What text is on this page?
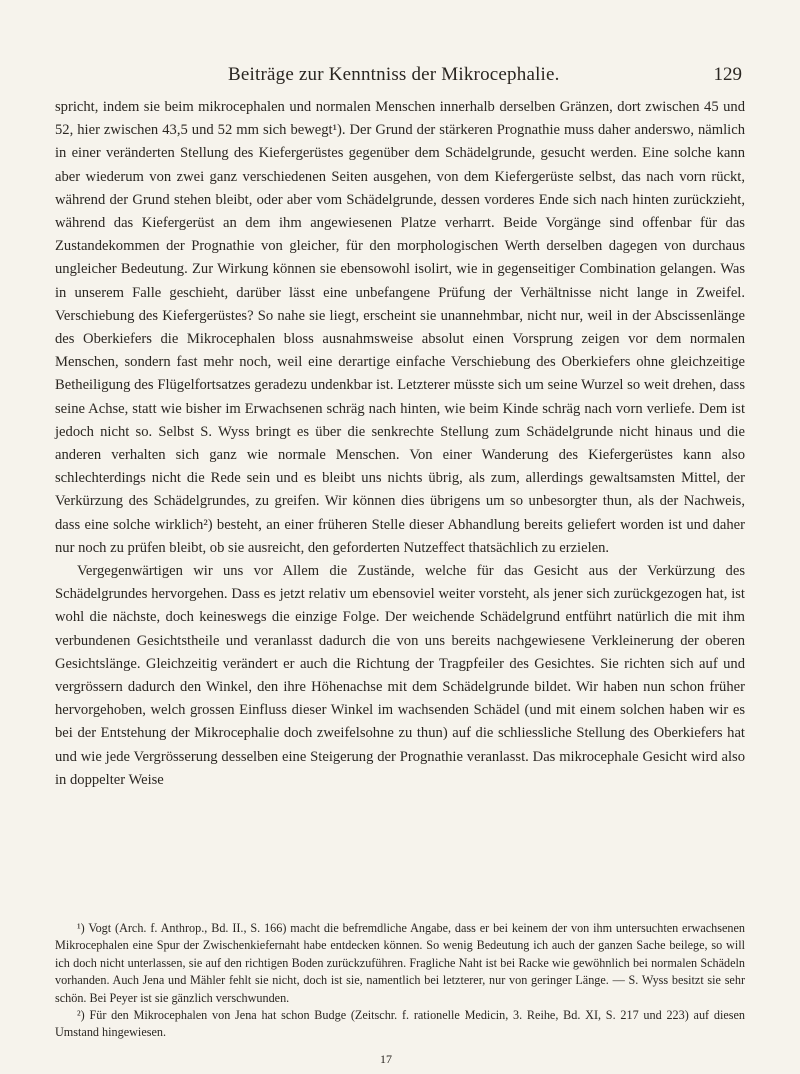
Beiträge zur Kenntniss der Mikrocephalie.	129

spricht, indem sie beim mikrocephalen und normalen Menschen innerhalb derselben Gränzen, dort zwischen 45 und 52, hier zwischen 43,5 und 52 mm sich bewegt¹). Der Grund der stärkeren Prognathie muss daher anderswo, nämlich in einer veränderten Stellung des Kiefergerüstes gegenüber dem Schädelgrunde, gesucht werden. Eine solche kann aber wiederum von zwei ganz verschiedenen Seiten ausgehen, von dem Kiefergerüste selbst, das nach vorn rückt, während der Grund stehen bleibt, oder aber vom Schädelgrunde, dessen vorderes Ende sich nach hinten zurückzieht, während das Kiefergerüst an dem ihm angewiesenen Platze verharrt. Beide Vorgänge sind offenbar für das Zustandekommen der Prognathie von gleicher, für den morphologischen Werth derselben dagegen von durchaus ungleicher Bedeutung. Zur Wirkung können sie ebensowohl isolirt, wie in gegenseitiger Combination gelangen. Was in unserem Falle geschieht, darüber lässt eine unbefangene Prüfung der Verhältnisse nicht lange in Zweifel. Verschiebung des Kiefergerüstes? So nahe sie liegt, erscheint sie unannehmbar, nicht nur, weil in der Abscissenlänge des Oberkiefers die Mikrocephalen bloss ausnahmsweise absolut einen Vorsprung zeigen vor dem normalen Menschen, sondern fast mehr noch, weil eine derartige einfache Verschiebung des Oberkiefers ohne gleichzeitige Betheiligung des Flügelfortsatzes geradezu undenkbar ist. Letzterer müsste sich um seine Wurzel so weit drehen, dass seine Achse, statt wie bisher im Erwachsenen schräg nach hinten, wie beim Kinde schräg nach vorn verliefe. Dem ist jedoch nicht so. Selbst S. Wyss bringt es über die senkrechte Stellung zum Schädelgrunde nicht hinaus und die anderen verhalten sich ganz wie normale Menschen. Von einer Wanderung des Kiefergerüstes kann also schlechterdings nicht die Rede sein und es bleibt uns nichts übrig, als zum, allerdings gewaltsamsten Mittel, der Verkürzung des Schädelgrundes, zu greifen. Wir können dies übrigens um so unbesorgter thun, als der Nachweis, dass eine solche wirklich²) besteht, an einer früheren Stelle dieser Abhandlung bereits geliefert worden ist und daher nur noch zu prüfen bleibt, ob sie ausreicht, den geforderten Nutzeffect thatsächlich zu erzielen.

Vergegenwärtigen wir uns vor Allem die Zustände, welche für das Gesicht aus der Verkürzung des Schädelgrundes hervorgehen. Dass es jetzt relativ um ebensoviel weiter vorsteht, als jener sich zurückgezogen hat, ist wohl die nächste, doch keineswegs die einzige Folge. Der weichende Schädelgrund entführt natürlich die mit ihm verbundenen Gesichtstheile und veranlasst dadurch die von uns bereits nachgewiesene Verkleinerung der oberen Gesichtslänge. Gleichzeitig verändert er auch die Richtung der Tragpfeiler des Gesichtes. Sie richten sich auf und vergrössern dadurch den Winkel, den ihre Höhenachse mit dem Schädelgrunde bildet. Wir haben nun schon früher hervorgehoben, welch grossen Einfluss dieser Winkel im wachsenden Schädel (und mit einem solchen haben wir es bei der Entstehung der Mikrocephalie doch zweifelsohne zu thun) auf die schliessliche Stellung des Oberkiefers hat und wie jede Vergrösserung desselben eine Steigerung der Prognathie veranlasst. Das mikrocephale Gesicht wird also in doppelter Weise

¹) Vogt (Arch. f. Anthrop., Bd. II., S. 166) macht die befremdliche Angabe, dass er bei keinem der von ihm untersuchten erwachsenen Mikrocephalen eine Spur der Zwischenkiefernaht habe entdecken können. So wenig Bedeutung ich auch der ganzen Sache beilege, so will ich doch nicht unterlassen, sie auf den richtigen Boden zurückzuführen. Fragliche Naht ist bei Racke wie gewöhnlich bei normalen Schädeln vorhanden. Auch Jena und Mähler fehlt sie nicht, doch ist sie, namentlich bei letzterer, nur von geringer Länge. — S. Wyss besitzt sie sehr schön. Bei Peyer ist sie gänzlich verschwunden.

²) Für den Mikrocephalen von Jena hat schon Budge (Zeitschr. f. rationelle Medicin, 3. Reihe, Bd. XI, S. 217 und 223) auf diesen Umstand hingewiesen.

17
